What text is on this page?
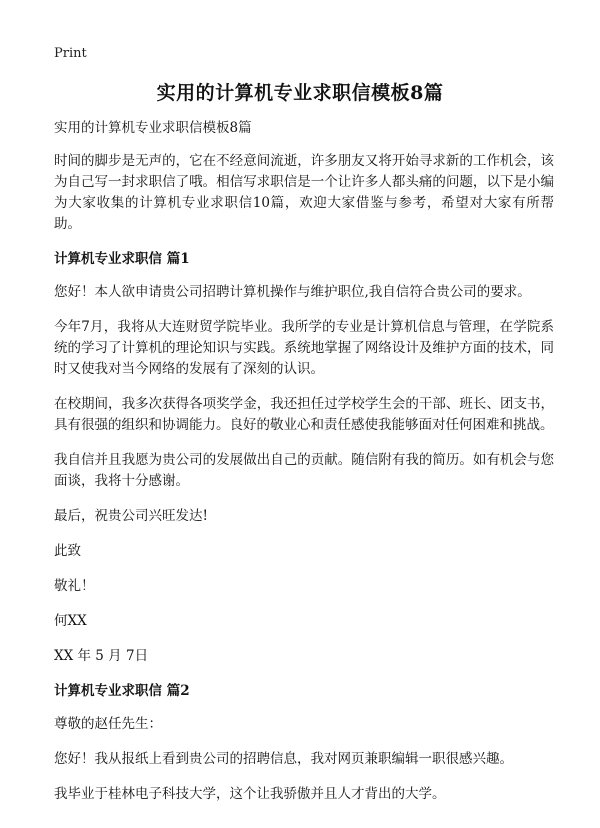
Print
实用的计算机专业求职信模板8篇

实用的计算机专业求职信模板8篇

时间的脚步是无声的，它在不经意间流逝，许多朋友又将开始寻求新的工作机会，该为自己写一封求职信了哦。相信写求职信是一个让许多人都头痛的问题，以下是小编为大家收集的计算机专业求职信10篇，欢迎大家借鉴与参考，希望对大家有所帮助。

计算机专业求职信 篇1

您好！本人欲申请贵公司招聘计算机操作与维护职位,我自信符合贵公司的要求。

今年7月，我将从大连财贸学院毕业。我所学的专业是计算机信息与管理，在学院系统的学习了计算机的理论知识与实践。系统地掌握了网络设计及维护方面的技术，同时又使我对当今网络的发展有了深刻的认识。

在校期间，我多次获得各项奖学金，我还担任过学校学生会的干部、班长、团支书，具有很强的组织和协调能力。良好的敬业心和责任感使我能够面对任何困难和挑战。

我自信并且我愿为贵公司的发展做出自己的贡献。随信附有我的简历。如有机会与您面谈，我将十分感谢。

最后，祝贵公司兴旺发达!

此致

敬礼！

何XX

XX 年 5 月 7日

计算机专业求职信 篇2

尊敬的赵任先生：

您好！我从报纸上看到贵公司的招聘信息，我对网页兼职编辑一职很感兴趣。

我毕业于桂林电子科技大学，这个让我骄傲并且人才背出的大学。
